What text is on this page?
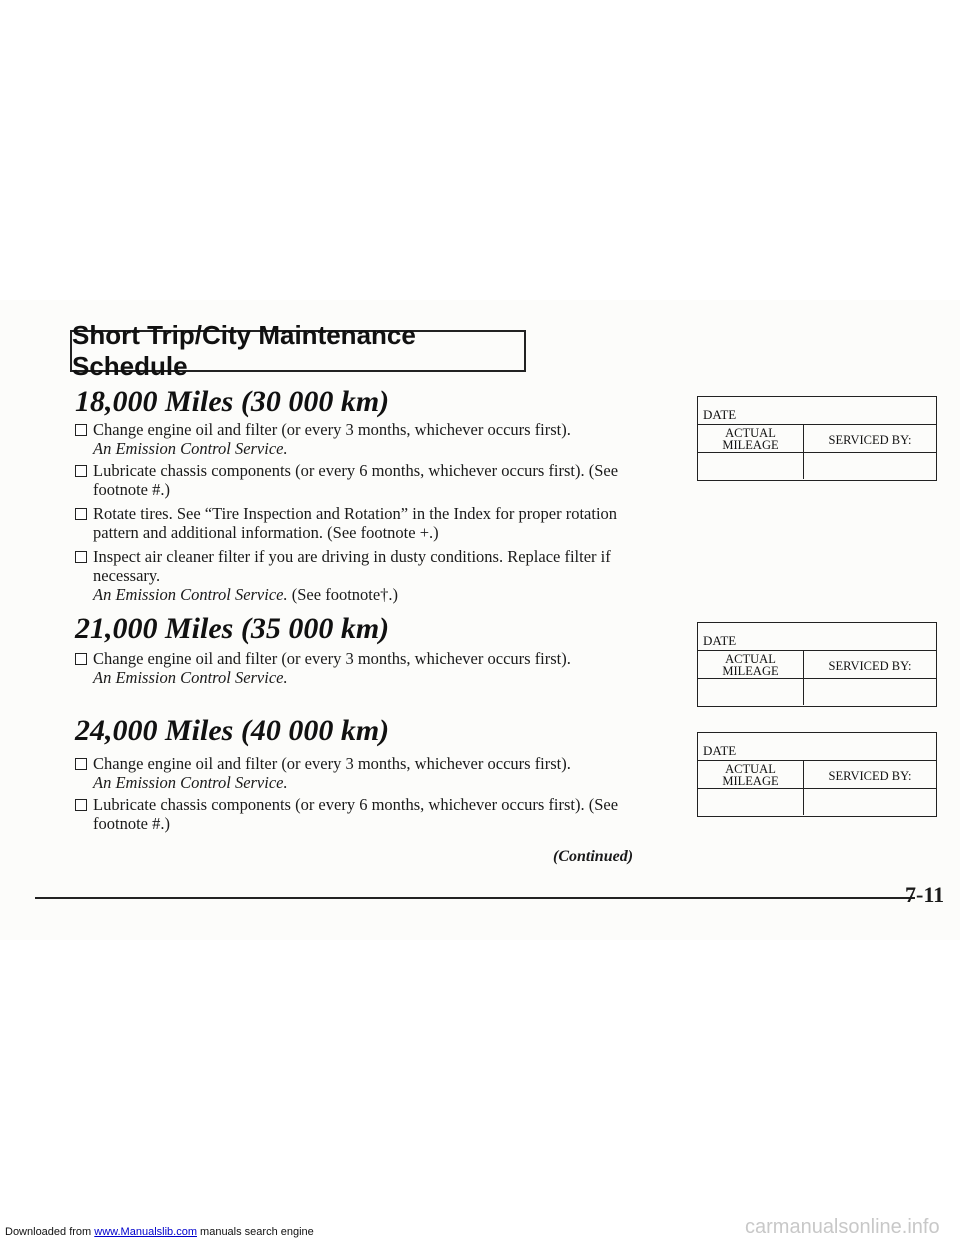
Short Trip/City Maintenance Schedule
18,000 Miles (30 000 km)
Change engine oil and filter (or every 3 months, whichever occurs first).
An Emission Control Service.
Lubricate chassis components (or every 6 months, whichever occurs first). (See footnote #.)
Rotate tires. See “Tire Inspection and Rotation” in the Index for proper rotation pattern and additional information. (See footnote +.)
Inspect air cleaner filter if you are driving in dusty conditions. Replace filter if necessary.
An Emission Control Service. (See footnote†.)
DATE
ACTUAL MILEAGE	SERVICED BY:
21,000 Miles (35 000 km)
Change engine oil and filter (or every 3 months, whichever occurs first).
An Emission Control Service.
DATE
ACTUAL MILEAGE	SERVICED BY:
24,000 Miles (40 000 km)
Change engine oil and filter (or every 3 months, whichever occurs first).
An Emission Control Service.
Lubricate chassis components (or every 6 months, whichever occurs first). (See footnote #.)
DATE
ACTUAL MILEAGE	SERVICED BY:
(Continued)
7-11
Downloaded from www.Manualslib.com manuals search engine	carmanualsonline.info
